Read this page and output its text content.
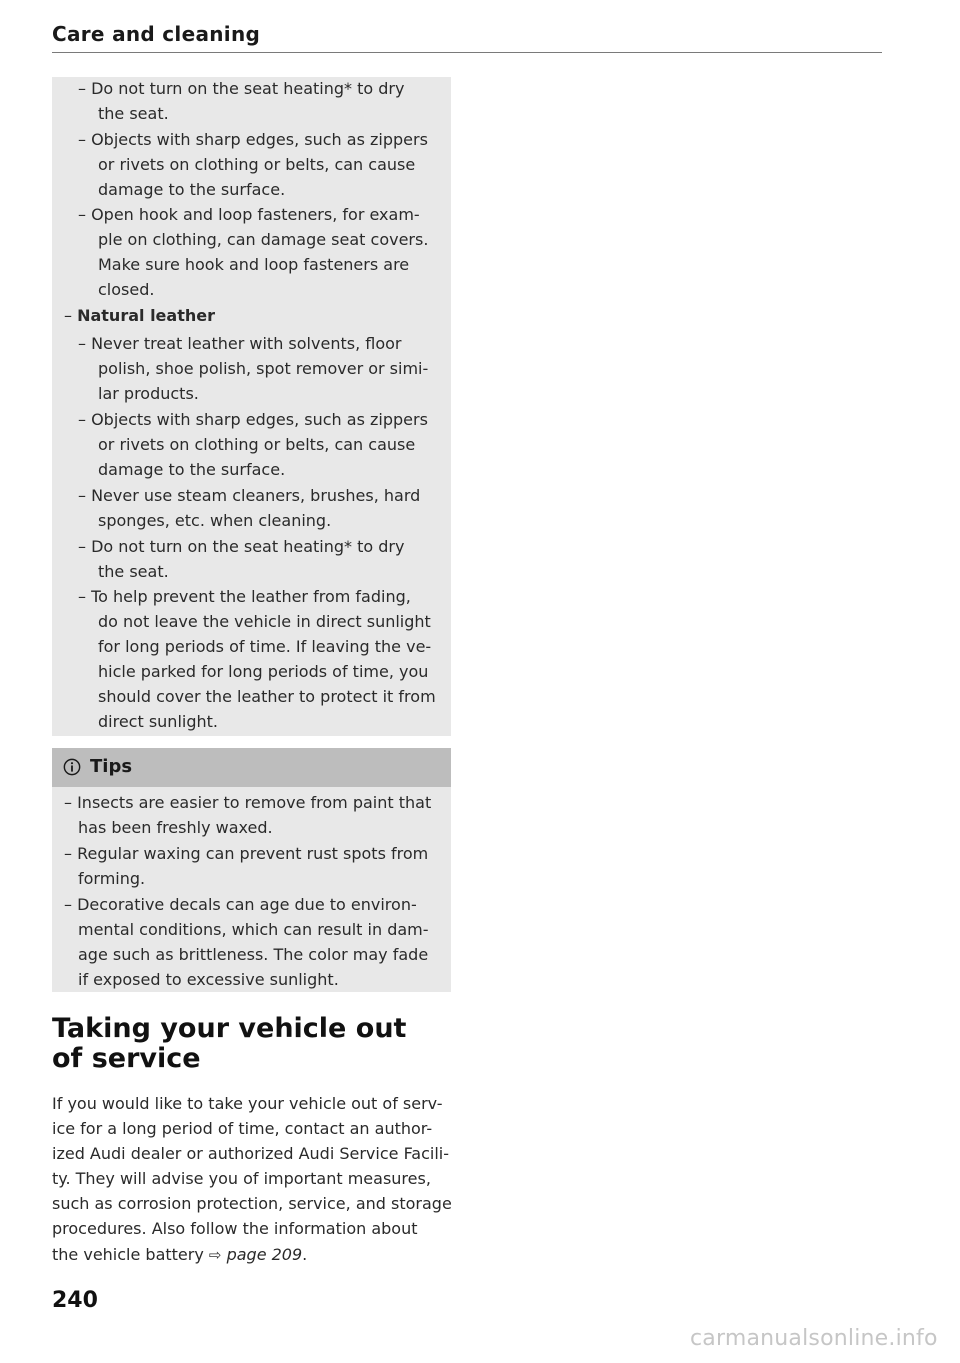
Care and cleaning
– Do not turn on the seat heating* to dry
the seat.
– Objects with sharp edges, such as zippers
or rivets on clothing or belts, can cause
damage to the surface.
– Open hook and loop fasteners, for exam-
ple on clothing, can damage seat covers.
Make sure hook and loop fasteners are
closed.
– Natural leather
– Never treat leather with solvents, floor
polish, shoe polish, spot remover or simi-
lar products.
– Objects with sharp edges, such as zippers
or rivets on clothing or belts, can cause
damage to the surface.
– Never use steam cleaners, brushes, hard
sponges, etc. when cleaning.
– Do not turn on the seat heating* to dry
the seat.
– To help prevent the leather from fading,
do not leave the vehicle in direct sunlight
for long periods of time. If leaving the ve-
hicle parked for long periods of time, you
should cover the leather to protect it from
direct sunlight.
Tips
– Insects are easier to remove from paint that
has been freshly waxed.
– Regular waxing can prevent rust spots from
forming.
– Decorative decals can age due to environ-
mental conditions, which can result in dam-
age such as brittleness. The color may fade
if exposed to excessive sunlight.
Taking your vehicle out
of service
If you would like to take your vehicle out of serv-
ice for a long period of time, contact an author-
ized Audi dealer or authorized Audi Service Facili-
ty. They will advise you of important measures,
such as corrosion protection, service, and storage
procedures. Also follow the information about
the vehicle battery ⇨ page 209.
240
carmanualsonline.info
